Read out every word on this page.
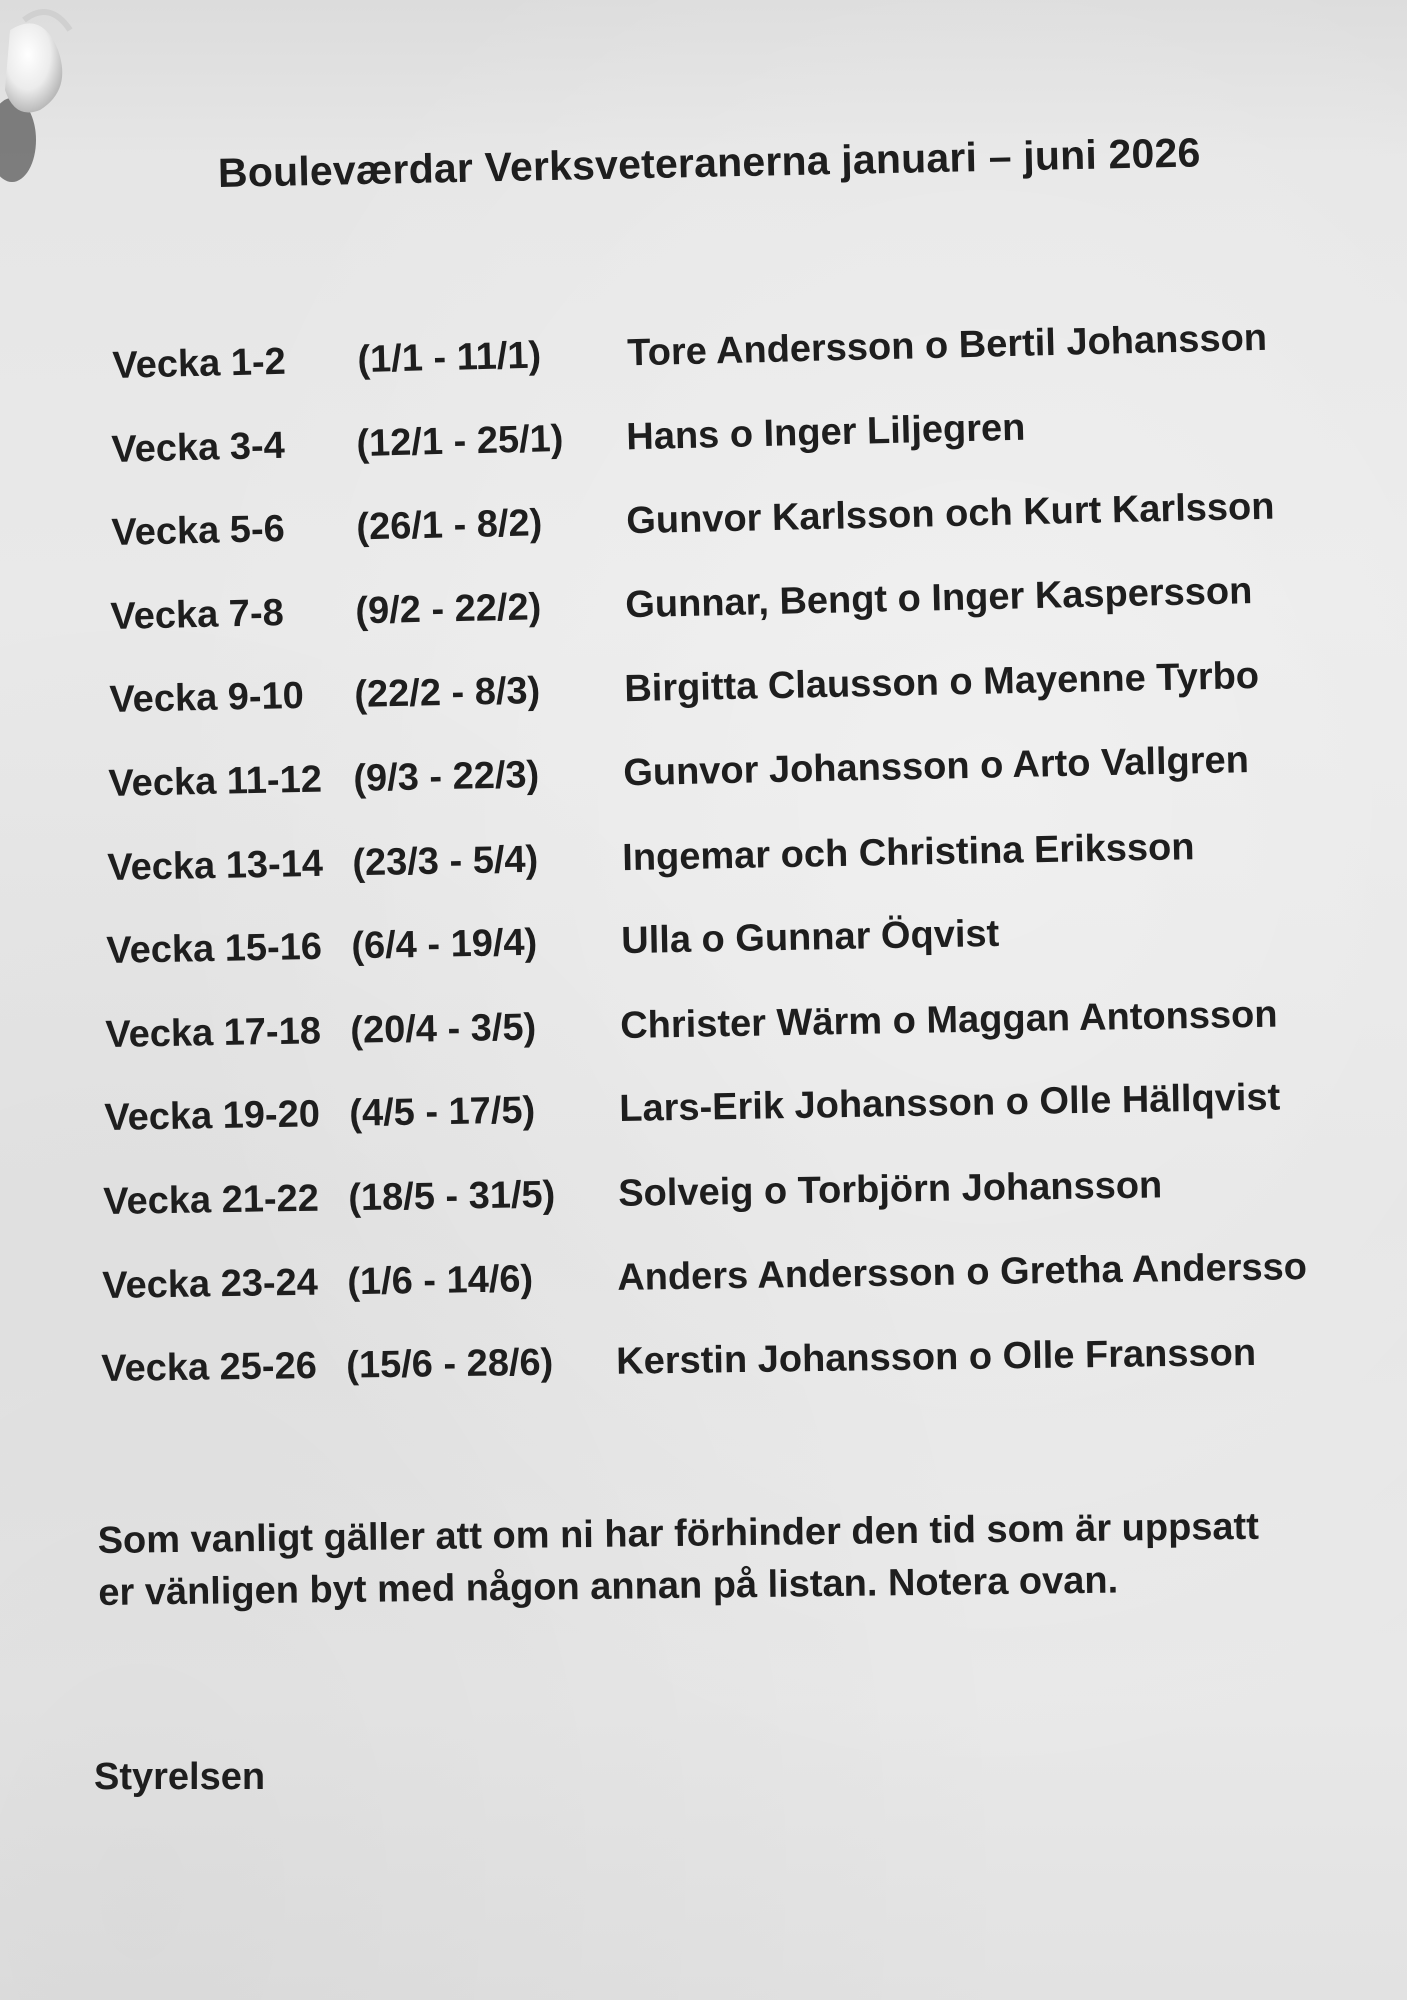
Bouleværdar Verksveteranerna januari – juni 2026
Vecka 1-2 (1/1 - 11/1) Tore Andersson o Bertil Johansson
Vecka 3-4 (12/1 - 25/1) Hans o Inger Liljegren
Vecka 5-6 (26/1 - 8/2) Gunvor Karlsson och Kurt Karlsson
Vecka 7-8 (9/2 - 22/2) Gunnar, Bengt o Inger Kaspersson
Vecka 9-10 (22/2 - 8/3) Birgitta Clausson o Mayenne Tyrbo
Vecka 11-12 (9/3 - 22/3) Gunvor Johansson o Arto Vallgren
Vecka 13-14 (23/3 - 5/4) Ingemar och Christina Eriksson
Vecka 15-16 (6/4 - 19/4) Ulla o Gunnar Öqvist
Vecka 17-18 (20/4 - 3/5) Christer Wärm o Maggan Antonsson
Vecka 19-20 (4/5 - 17/5) Lars-Erik Johansson o Olle Hällqvist
Vecka 21-22 (18/5 - 31/5) Solveig o Torbjörn Johansson
Vecka 23-24 (1/6 - 14/6) Anders Andersson o Gretha Andersso
Vecka 25-26 (15/6 - 28/6) Kerstin Johansson o Olle Fransson
Som vanligt gäller att om ni har förhinder den tid som är uppsatt
er vänligen byt med någon annan på listan. Notera ovan.
Styrelsen
